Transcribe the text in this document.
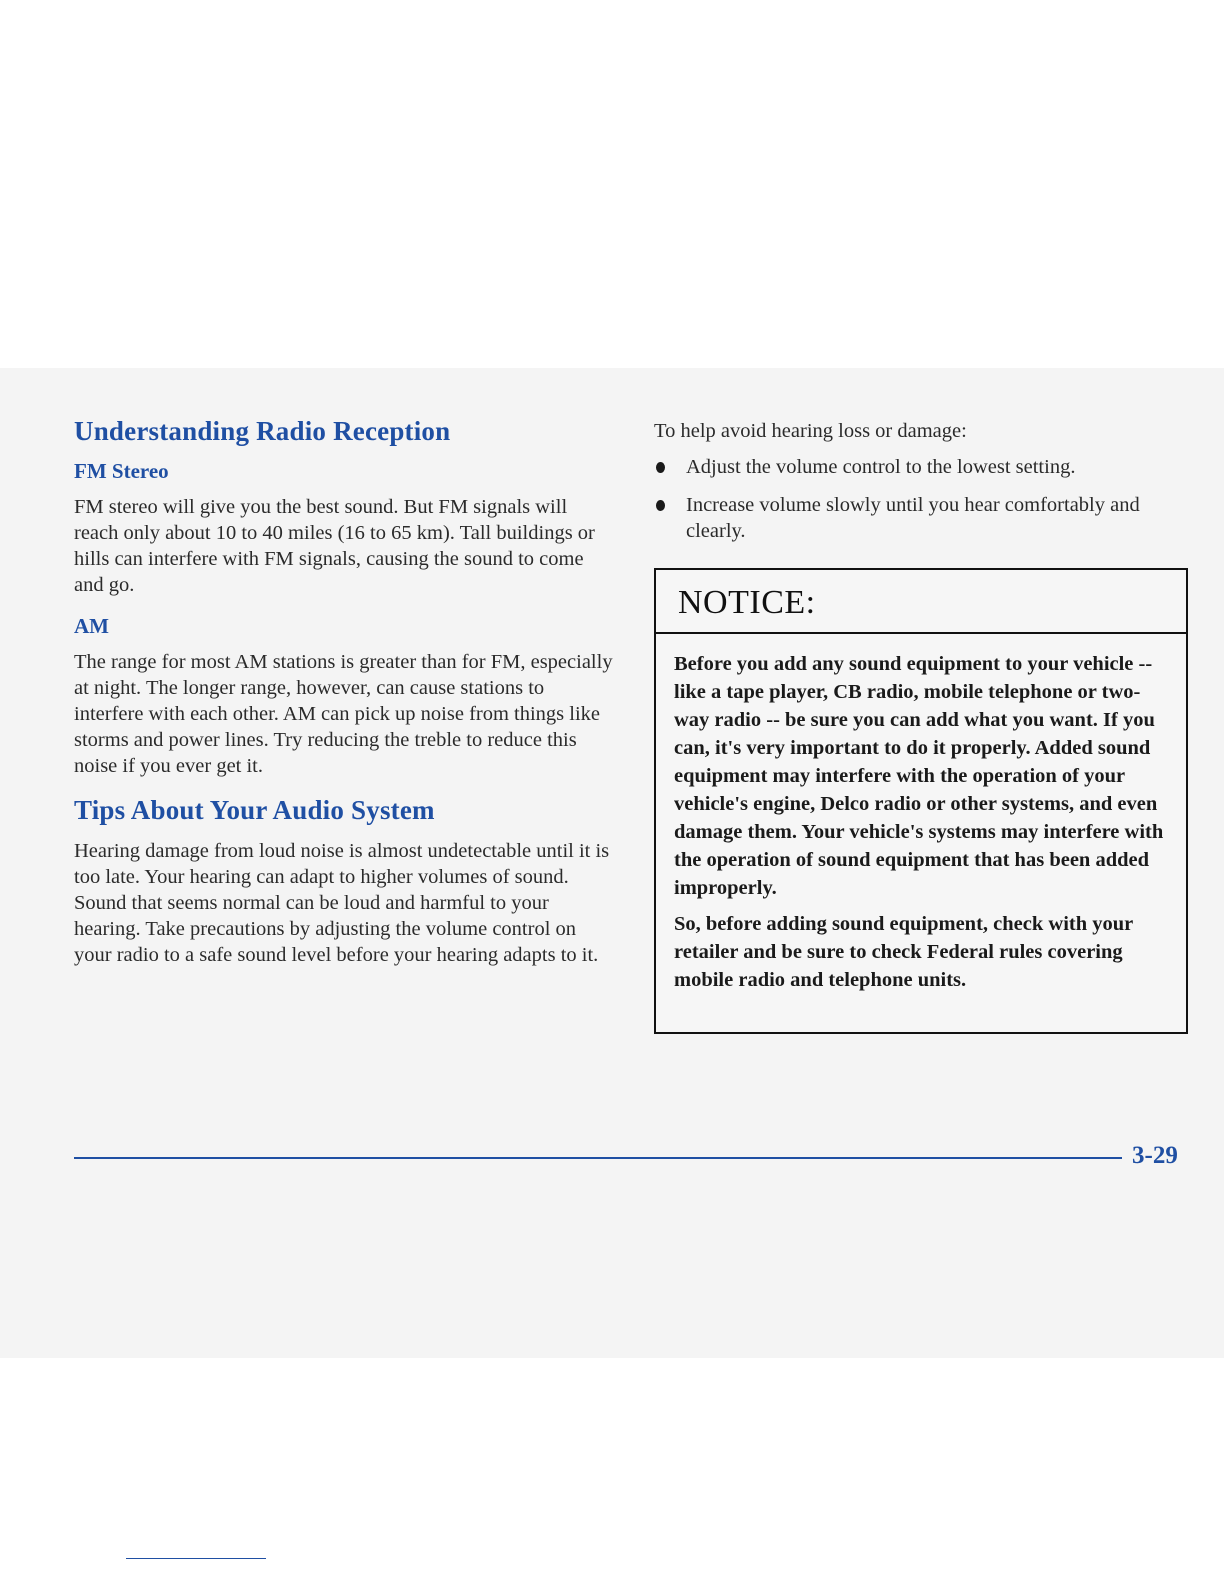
Understanding Radio Reception
FM Stereo

FM stereo will give you the best sound. But FM signals will reach only about 10 to 40 miles (16 to 65 km). Tall buildings or hills can interfere with FM signals, causing the sound to come and go.

AM

The range for most AM stations is greater than for FM, especially at night. The longer range, however, can cause stations to interfere with each other. AM can pick up noise from things like storms and power lines. Try reducing the treble to reduce this noise if you ever get it.

Tips About Your Audio System

Hearing damage from loud noise is almost undetectable until it is too late. Your hearing can adapt to higher volumes of sound. Sound that seems normal can be loud and harmful to your hearing. Take precautions by adjusting the volume control on your radio to a safe sound level before your hearing adapts to it.

To help avoid hearing loss or damage:

Adjust the volume control to the lowest setting.
Increase volume slowly until you hear comfortably and clearly.
NOTICE:

Before you add any sound equipment to your vehicle -- like a tape player, CB radio, mobile telephone or two-way radio -- be sure you can add what you want. If you can, it's very important to do it properly. Added sound equipment may interfere with the operation of your vehicle's engine, Delco radio or other systems, and even damage them. Your vehicle's systems may interfere with the operation of sound equipment that has been added improperly.

So, before adding sound equipment, check with your retailer and be sure to check Federal rules covering mobile radio and telephone units.

3-29
